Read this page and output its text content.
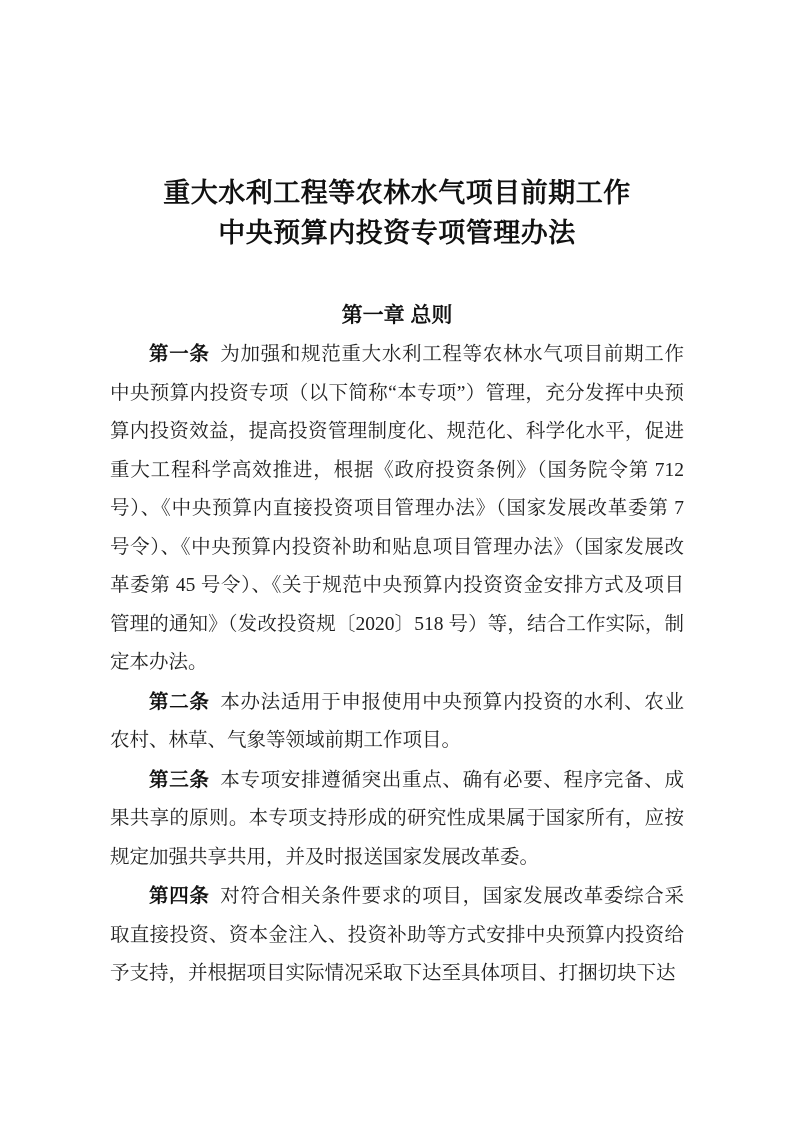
重大水利工程等农林水气项目前期工作
中央预算内投资专项管理办法
第一章 总则

第一条 为加强和规范重大水利工程等农林水气项目前期工作中央预算内投资专项（以下简称“本专项”）管理，充分发挥中央预算内投资效益，提高投资管理制度化、规范化、科学化水平，促进重大工程科学高效推进，根据《政府投资条例》（国务院令第 712 号）、《中央预算内直接投资项目管理办法》（国家发展改革委第 7 号令）、《中央预算内投资补助和贴息项目管理办法》（国家发展改革委第 45 号令）、《关于规范中央预算内投资资金安排方式及项目管理的通知》（发改投资规〔2020〕518 号）等，结合工作实际，制定本办法。

第二条 本办法适用于申报使用中央预算内投资的水利、农业农村、林草、气象等领域前期工作项目。

第三条 本专项安排遵循突出重点、确有必要、程序完备、成果共享的原则。本专项支持形成的研究性成果属于国家所有，应按规定加强共享共用，并及时报送国家发展改革委。

第四条 对符合相关条件要求的项目，国家发展改革委综合采取直接投资、资本金注入、投资补助等方式安排中央预算内投资给予支持，并根据项目实际情况采取下达至具体项目、打捆切块下达
